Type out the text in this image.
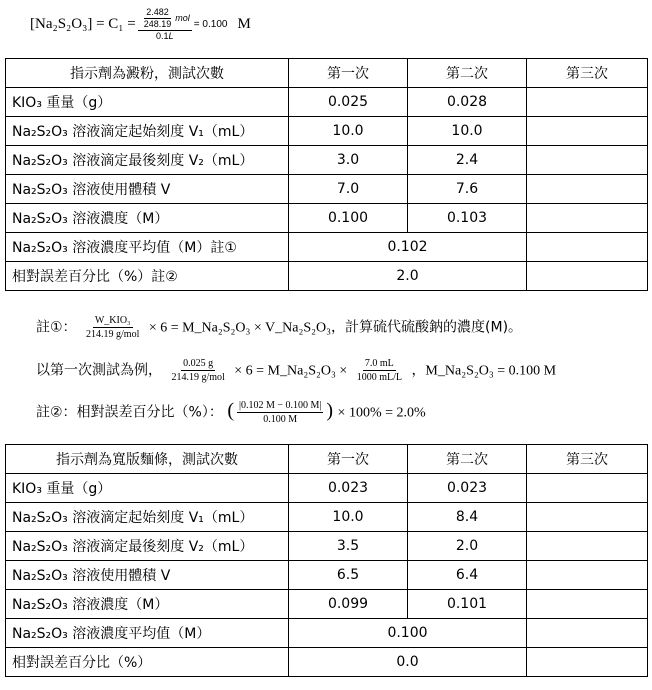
$[Na_2S_2O_3] = C_1 = \frac{\frac{2.482}{248.19} mol}{0.1L} = 0.100$ M
指示劑為澱粉，測試次數	第一次	第二次	第三次
KIO₃ 重量（g）	0.025	0.028	
Na₂S₂O₃ 溶液滴定起始刻度 V₁（mL）	10.0	10.0	
Na₂S₂O₃ 溶液滴定最後刻度 V₂（mL）	3.0	2.4	
Na₂S₂O₃ 溶液使用體積 V	7.0	7.6	
Na₂S₂O₃ 溶液濃度（M）	0.100	0.103	
Na₂S₂O₃ 溶液濃度平均值（M）註①	0.102		
相對誤差百分比（%）註②	2.0		
註①： W_KIO₃
214.19 g/mol × 6 = M_Na₂S₂O₃ × V_Na₂S₂O₃，計算硫代硫酸鈉的濃度(M)。
以第一次測試為例， 0.025 g
214.19 g/mol × 6 = M_Na₂S₂O₃ × $\frac{7.0 mL}{1000 mL/L}$ ，M_Na₂S₂O₃ = 0.100 M
註②：相對誤差百分比（%）： ( $\frac{|0.102 M - 0.100 M|}{0.100 M}$ ) × 100% = 2.0%
指示劑為寬版麵條，測試次數	第一次	第二次	第三次
KIO₃ 重量（g）	0.023	0.023	
Na₂S₂O₃ 溶液滴定起始刻度 V₁（mL）	10.0	8.4	
Na₂S₂O₃ 溶液滴定最後刻度 V₂（mL）	3.5	2.0	
Na₂S₂O₃ 溶液使用體積 V	6.5	6.4	
Na₂S₂O₃ 溶液濃度（M）	0.099	0.101	
Na₂S₂O₃ 溶液濃度平均值（M）	0.100		
相對誤差百分比（%）	0.0		
